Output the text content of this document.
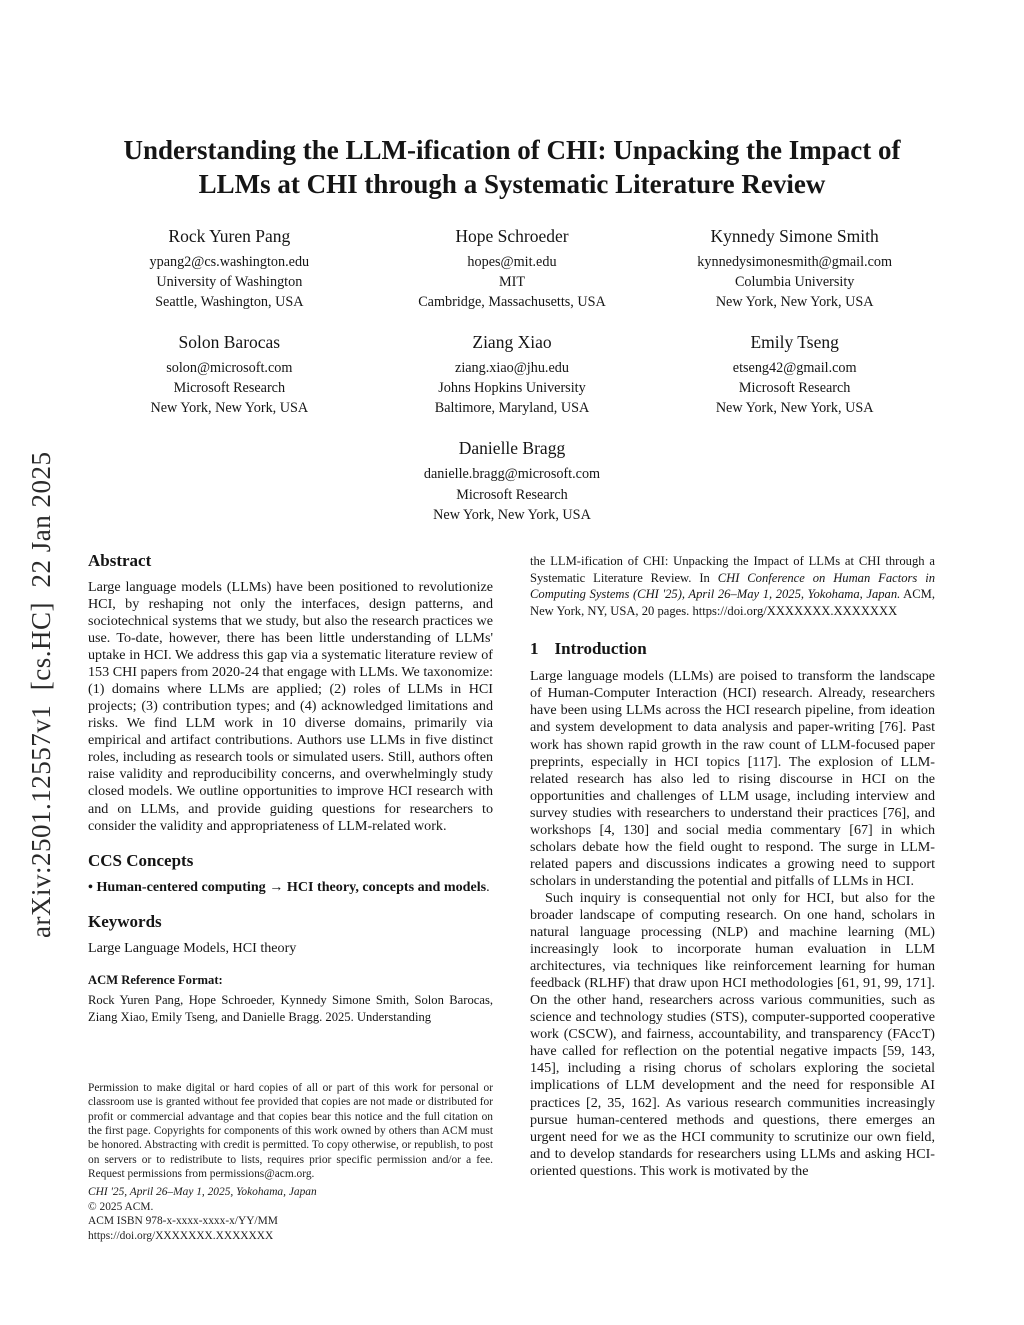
arXiv:2501.12557v1  [cs.HC]  22 Jan 2025
Understanding the LLM-ification of CHI: Unpacking the Impact of LLMs at CHI through a Systematic Literature Review
Rock Yuren Pang
ypang2@cs.washington.edu
University of Washington
Seattle, Washington, USA
Hope Schroeder
hopes@mit.edu
MIT
Cambridge, Massachusetts, USA
Kynnedy Simone Smith
kynnedysimonesmith@gmail.com
Columbia University
New York, New York, USA
Solon Barocas
solon@microsoft.com
Microsoft Research
New York, New York, USA
Ziang Xiao
ziang.xiao@jhu.edu
Johns Hopkins University
Baltimore, Maryland, USA
Emily Tseng
etseng42@gmail.com
Microsoft Research
New York, New York, USA
Danielle Bragg
danielle.bragg@microsoft.com
Microsoft Research
New York, New York, USA
Abstract

Large language models (LLMs) have been positioned to revolutionize HCI, by reshaping not only the interfaces, design patterns, and sociotechnical systems that we study, but also the research practices we use. To-date, however, there has been little understanding of LLMs' uptake in HCI. We address this gap via a systematic literature review of 153 CHI papers from 2020-24 that engage with LLMs. We taxonomize: (1) domains where LLMs are applied; (2) roles of LLMs in HCI projects; (3) contribution types; and (4) acknowledged limitations and risks. We find LLM work in 10 diverse domains, primarily via empirical and artifact contributions. Authors use LLMs in five distinct roles, including as research tools or simulated users. Still, authors often raise validity and reproducibility concerns, and overwhelmingly study closed models. We outline opportunities to improve HCI research with and on LLMs, and provide guiding questions for researchers to consider the validity and appropriateness of LLM-related work.

CCS Concepts

• Human-centered computing → HCI theory, concepts and models.

Keywords

Large Language Models, HCI theory

ACM Reference Format:

Rock Yuren Pang, Hope Schroeder, Kynnedy Simone Smith, Solon Barocas, Ziang Xiao, Emily Tseng, and Danielle Bragg. 2025. Understanding

Permission to make digital or hard copies of all or part of this work for personal or classroom use is granted without fee provided that copies are not made or distributed for profit or commercial advantage and that copies bear this notice and the full citation on the first page. Copyrights for components of this work owned by others than ACM must be honored. Abstracting with credit is permitted. To copy otherwise, or republish, to post on servers or to redistribute to lists, requires prior specific permission and/or a fee. Request permissions from permissions@acm.org.

CHI '25, April 26–May 1, 2025, Yokohama, Japan

© 2025 ACM.

ACM ISBN 978-x-xxxx-xxxx-x/YY/MM

https://doi.org/XXXXXXX.XXXXXXX

the LLM-ification of CHI: Unpacking the Impact of LLMs at CHI through a Systematic Literature Review. In CHI Conference on Human Factors in Computing Systems (CHI '25), April 26–May 1, 2025, Yokohama, Japan. ACM, New York, NY, USA, 20 pages. https://doi.org/XXXXXXX.XXXXXXX

1 Introduction

Large language models (LLMs) are poised to transform the landscape of Human-Computer Interaction (HCI) research. Already, researchers have been using LLMs across the HCI research pipeline, from ideation and system development to data analysis and paper-writing [76]. Past work has shown rapid growth in the raw count of LLM-focused paper preprints, especially in HCI topics [117]. The explosion of LLM-related research has also led to rising discourse in HCI on the opportunities and challenges of LLM usage, including interview and survey studies with researchers to understand their practices [76], and workshops [4, 130] and social media commentary [67] in which scholars debate how the field ought to respond. The surge in LLM-related papers and discussions indicates a growing need to support scholars in understanding the potential and pitfalls of LLMs in HCI.

Such inquiry is consequential not only for HCI, but also for the broader landscape of computing research. On one hand, scholars in natural language processing (NLP) and machine learning (ML) increasingly look to incorporate human evaluation in LLM architectures, via techniques like reinforcement learning for human feedback (RLHF) that draw upon HCI methodologies [61, 91, 99, 171]. On the other hand, researchers across various communities, such as science and technology studies (STS), computer-supported cooperative work (CSCW), and fairness, accountability, and transparency (FAccT) have called for reflection on the potential negative impacts [59, 143, 145], including a rising chorus of scholars exploring the societal implications of LLM development and the need for responsible AI practices [2, 35, 162]. As various research communities increasingly pursue human-centered methods and questions, there emerges an urgent need for we as the HCI community to scrutinize our own field, and to develop standards for researchers using LLMs and asking HCI-oriented questions. This work is motivated by the
